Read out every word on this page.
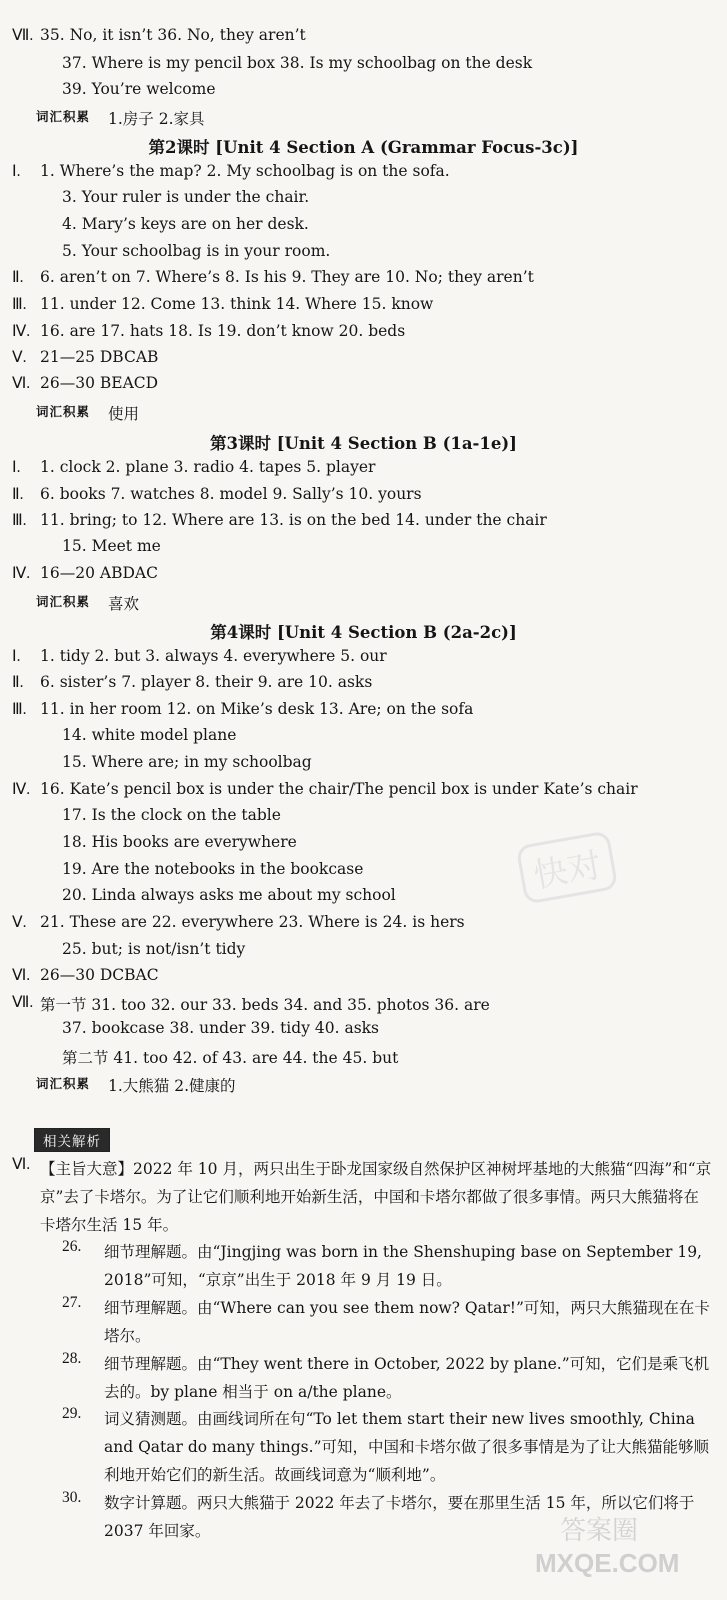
Ⅶ. 35. No, it isn’t 36. No, they aren’t
37. Where is my pencil box 38. Is my schoolbag on the desk
39. You’re welcome
词汇积累 1.房子 2.家具
第2课时 [Unit 4 Section A (Grammar Focus-3c)]
Ⅰ. 1. Where’s the map? 2. My schoolbag is on the sofa.
3. Your ruler is under the chair.
4. Mary’s keys are on her desk.
5. Your schoolbag is in your room.
Ⅱ. 6. aren’t on 7. Where’s 8. Is his 9. They are 10. No; they aren’t
Ⅲ. 11. under 12. Come 13. think 14. Where 15. know
Ⅳ. 16. are 17. hats 18. Is 19. don’t know 20. beds
Ⅴ. 21—25 DBCAB
Ⅵ. 26—30 BEACD
词汇积累 使用
第3课时 [Unit 4 Section B (1a-1e)]
Ⅰ. 1. clock 2. plane 3. radio 4. tapes 5. player
Ⅱ. 6. books 7. watches 8. model 9. Sally’s 10. yours
Ⅲ. 11. bring; to 12. Where are 13. is on the bed 14. under the chair
15. Meet me
Ⅳ. 16—20 ABDAC
词汇积累 喜欢
第4课时 [Unit 4 Section B (2a-2c)]
Ⅰ. 1. tidy 2. but 3. always 4. everywhere 5. our
Ⅱ. 6. sister’s 7. player 8. their 9. are 10. asks
Ⅲ. 11. in her room 12. on Mike’s desk 13. Are; on the sofa
14. white model plane
15. Where are; in my schoolbag
Ⅳ. 16. Kate’s pencil box is under the chair/The pencil box is under Kate’s chair
17. Is the clock on the table
18. His books are everywhere
19. Are the notebooks in the bookcase
20. Linda always asks me about my school
Ⅴ. 21. These are 22. everywhere 23. Where is 24. is hers
25. but; is not/isn’t tidy
Ⅵ. 26—30 DCBAC
Ⅶ. 第一节 31. too 32. our 33. beds 34. and 35. photos 36. are
37. bookcase 38. under 39. tidy 40. asks
第二节 41. too 42. of 43. are 44. the 45. but
词汇积累 1.大熊猫 2.健康的
相关解析
Ⅵ. 【主旨大意】2022 年 10 月，两只出生于卧龙国家级自然保护区神树坪基地的大熊猫“四海”和“京京”去了卡塔尔。为了让它们顺利地开始新生活，中国和卡塔尔都做了很多事情。两只大熊猫将在卡塔尔生活 15 年。
26. 细节理解题。由“Jingjing was born in the Shenshuping base on September 19, 2018”可知，“京京”出生于 2018 年 9 月 19 日。
27. 细节理解题。由“Where can you see them now? Qatar!”可知，两只大熊猫现在在卡塔尔。
28. 细节理解题。由“They went there in October, 2022 by plane.”可知，它们是乘飞机去的。by plane 相当于 on a/the plane。
29. 词义猜测题。由画线词所在句“To let them start their new lives smoothly, China and Qatar do many things.”可知，中国和卡塔尔做了很多事情是为了让大熊猫能够顺利地开始它们的新生活。故画线词意为“顺利地”。
30. 数字计算题。两只大熊猫于 2022 年去了卡塔尔，要在那里生活 15 年，所以它们将于 2037 年回家。
快对
MXQE.COM
答案圈
